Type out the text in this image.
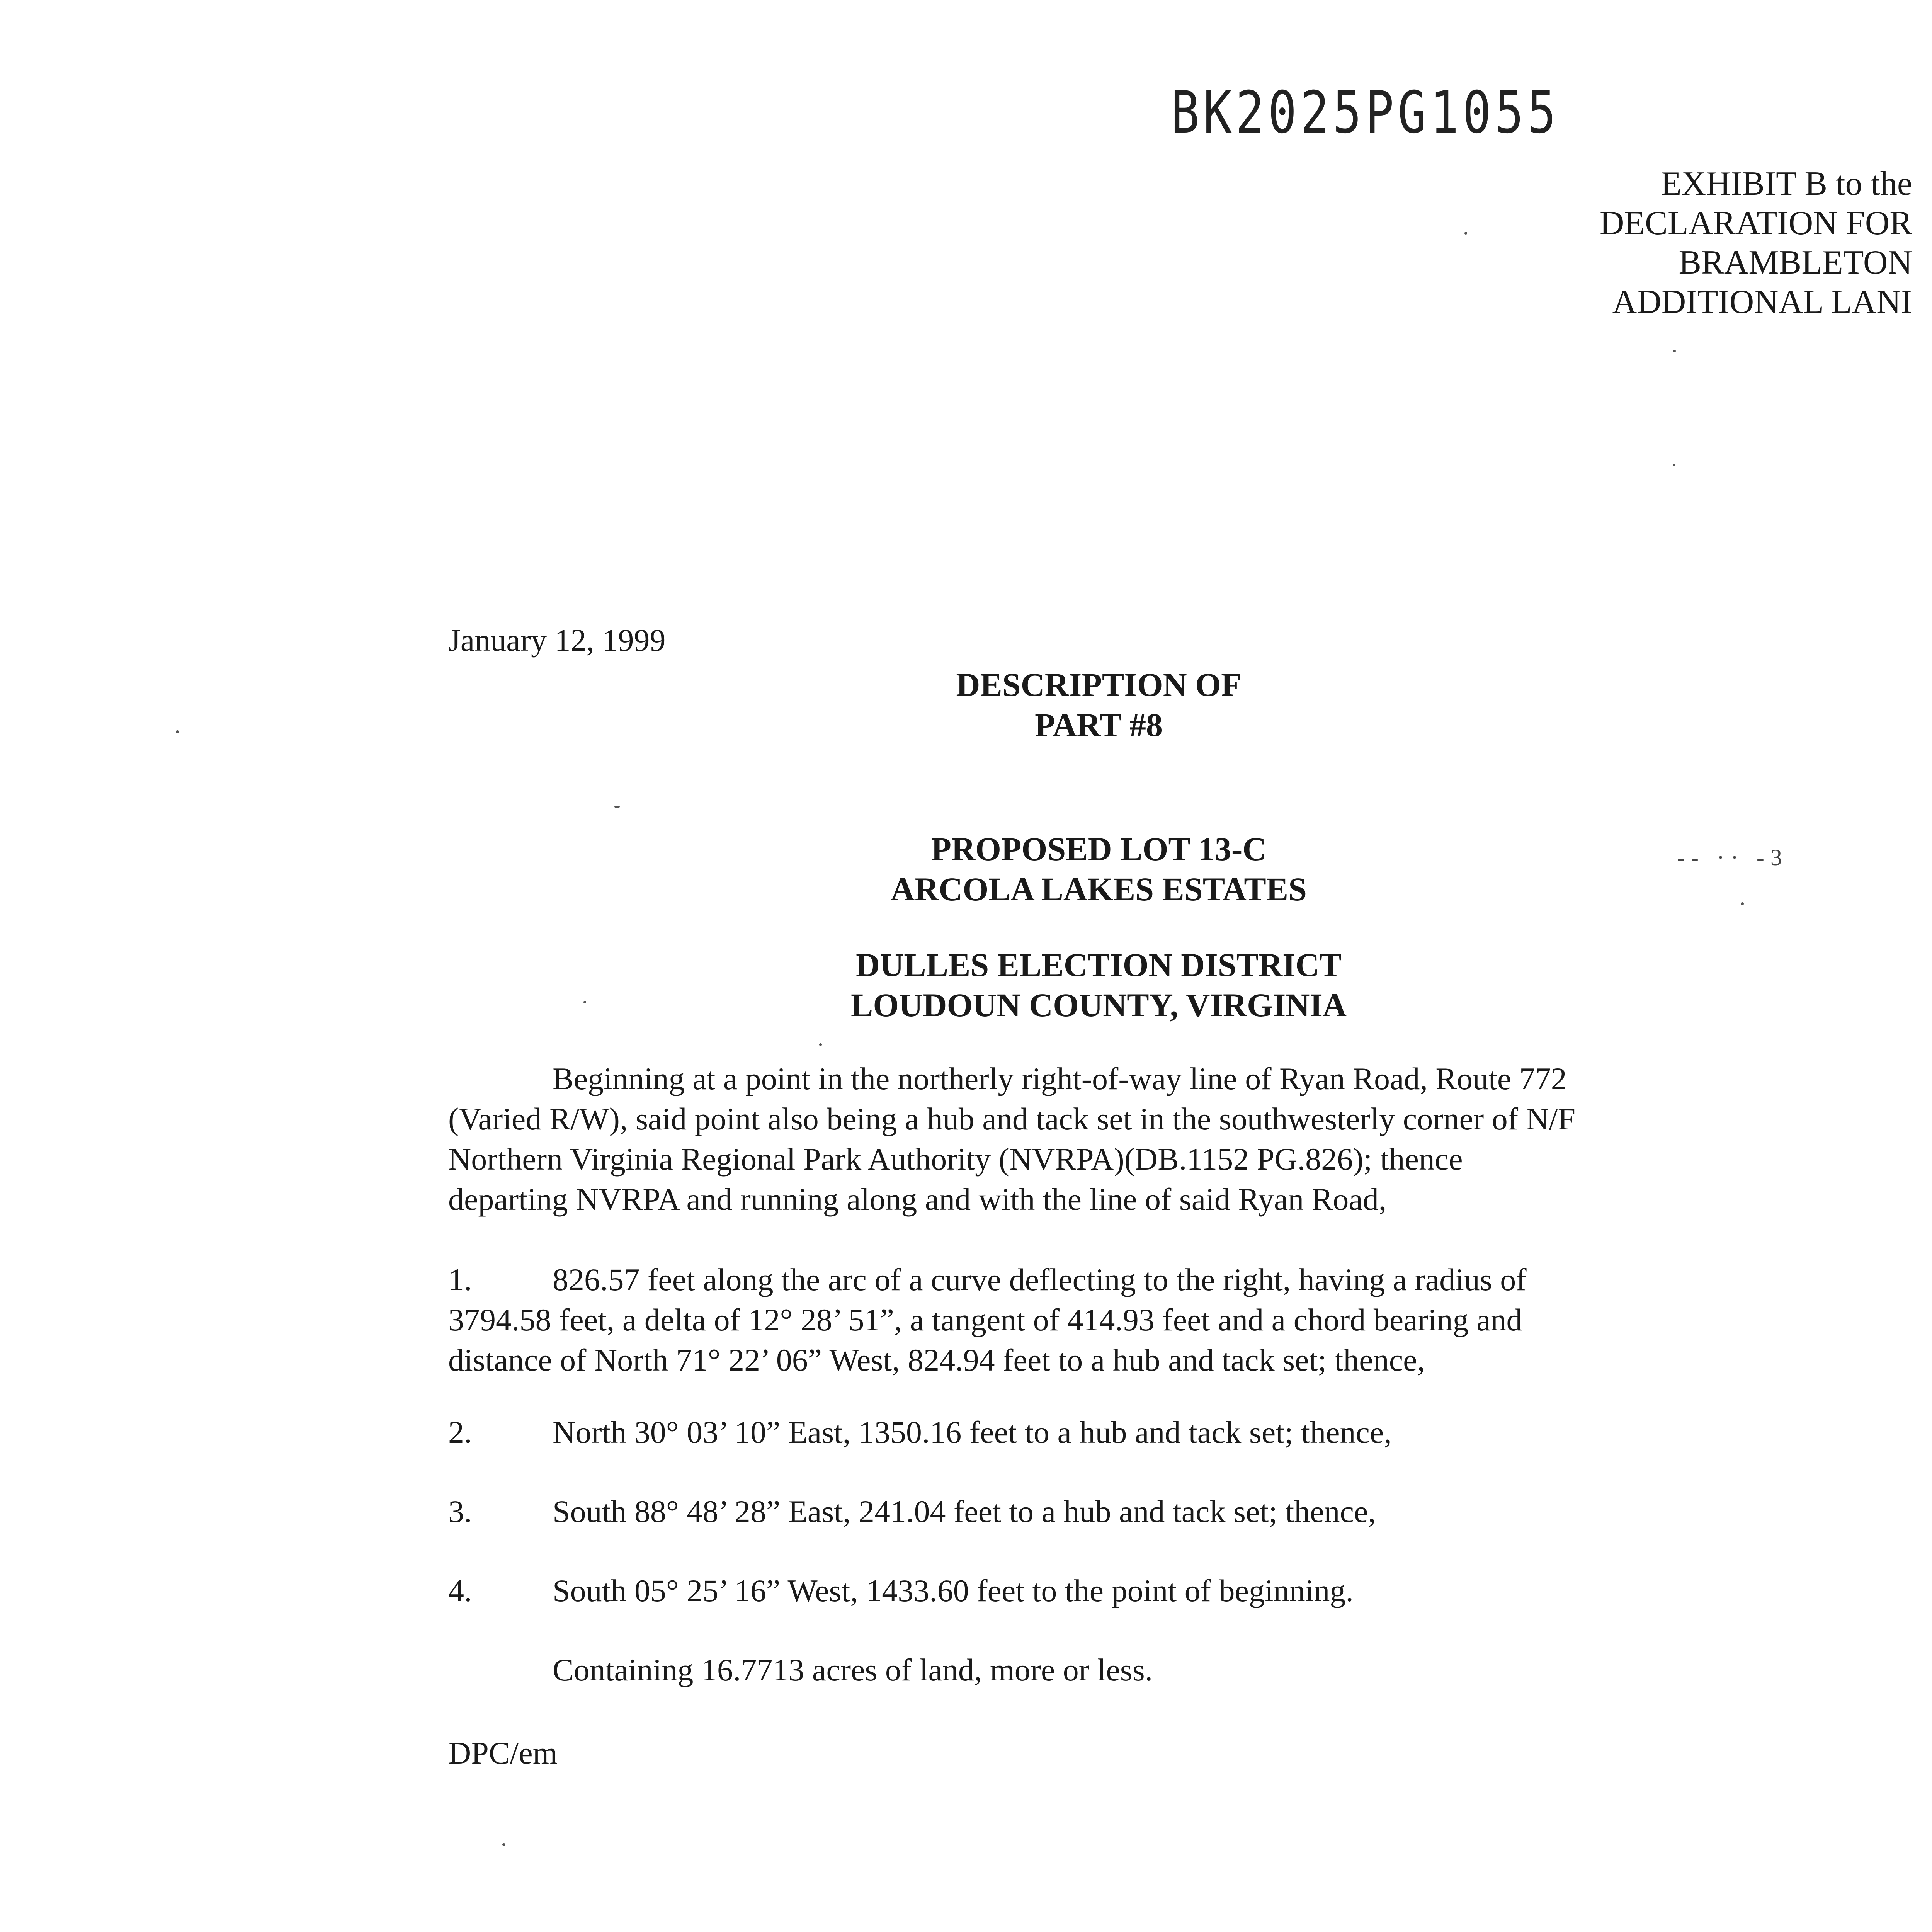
BK2025PG1055
EXHIBIT B to the
DECLARATION FOR
BRAMBLETON
ADDITIONAL LANI
January 12, 1999
DESCRIPTION OF
PART #8
PROPOSED LOT 13-C
ARCOLA LAKES ESTATES
DULLES ELECTION DISTRICT
LOUDOUN COUNTY, VIRGINIA
-- ·· -3
Beginning at a point in the northerly right-of-way line of Ryan Road, Route 772
(Varied R/W), said point also being a hub and tack set in the southwesterly corner of N/F
Northern Virginia Regional Park Authority (NVRPA)(DB.1152 PG.826); thence
departing NVRPA and running along and with the line of said Ryan Road,
1.	826.57 feet along the arc of a curve deflecting to the right, having a radius of
3794.58 feet, a delta of 12° 28’ 51”, a tangent of 414.93 feet and a chord bearing and
distance of North 71° 22’ 06” West, 824.94 feet to a hub and tack set; thence,
2.	North 30° 03’ 10” East, 1350.16 feet to a hub and tack set; thence,
3.	South 88° 48’ 28” East, 241.04 feet to a hub and tack set; thence,
4.	South 05° 25’ 16” West, 1433.60 feet to the point of beginning.
Containing 16.7713 acres of land, more or less.
DPC/em
